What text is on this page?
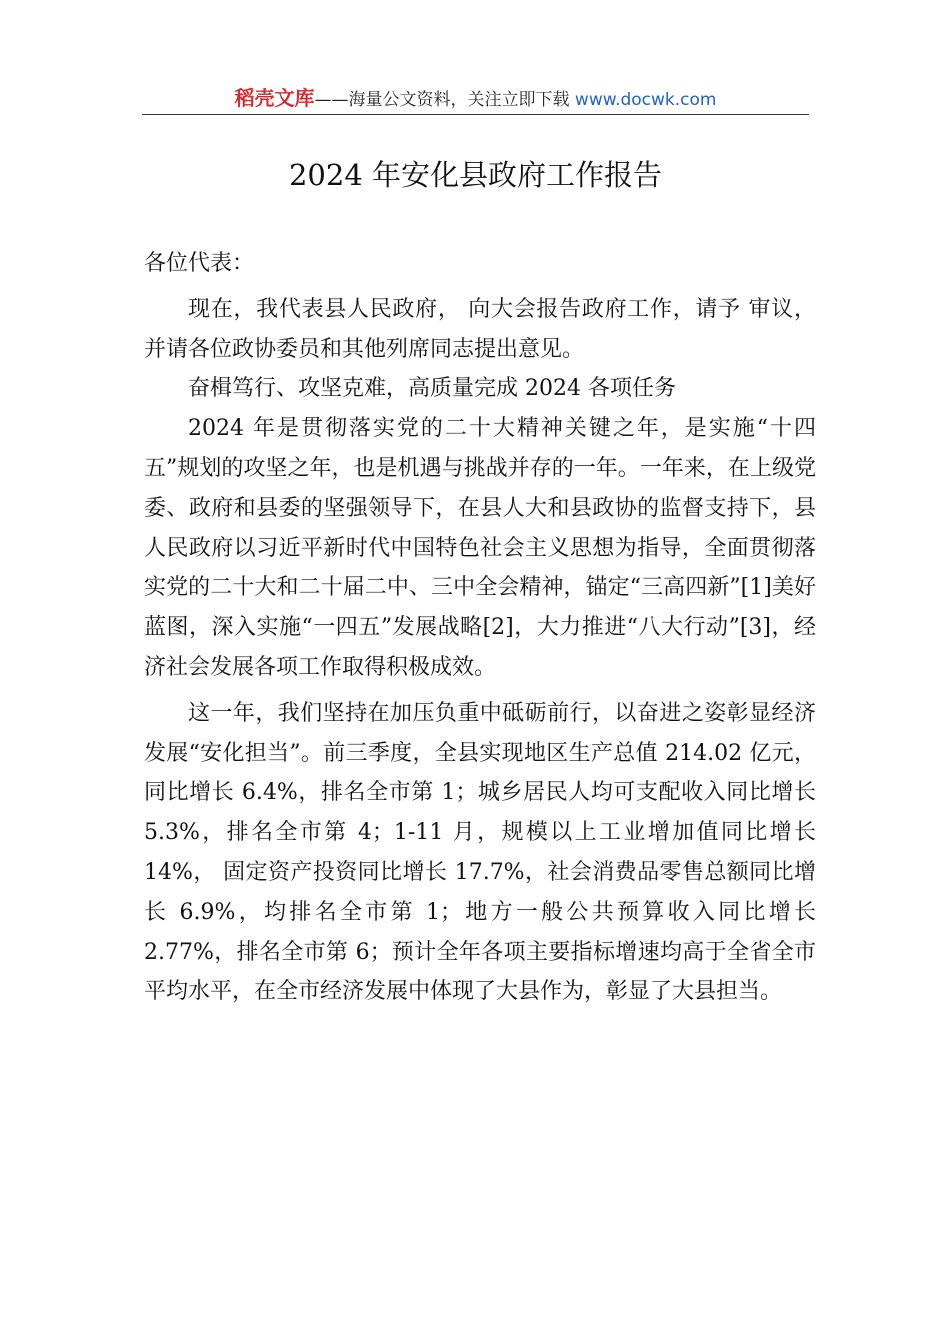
稻壳文库——海量公文资料，关注立即下载 www.docwk.com
2024 年安化县政府工作报告

各位代表：

现在，我代表县人民政府， 向大会报告政府工作，请予 审议，并请各位政协委员和其他列席同志提出意见。

奋楫笃行、攻坚克难，高质量完成 2024 各项任务

2024 年是贯彻落实党的二十大精神关键之年，是实施“十四五”规划的攻坚之年，也是机遇与挑战并存的一年。一年来，在上级党委、政府和县委的坚强领导下，在县人大和县政协的监督支持下，县人民政府以习近平新时代中国特色社会主义思想为指导，全面贯彻落实党的二十大和二十届二中、三中全会精神，锚定“三高四新”[1]美好蓝图，深入实施“一四五”发展战略[2]，大力推进“八大行动”[3]，经 济社会发展各项工作取得积极成效。

这一年，我们坚持在加压负重中砥砺前行，以奋进之姿彰显经济发展“安化担当”。前三季度，全县实现地区生产总值 214.02 亿元，同比增长 6.4%，排名全市第 1；城乡居民人均可支配收入同比增长 5.3%，排名全市第 4；1-11 月，规模以上工业增加值同比增长 14%， 固定资产投资同比增长 17.7%，社会消费品零售总额同比增长 6.9%，均排名全市第 1；地方一般公共预算收入同比增长 2.77%，排名全市第 6；预计全年各项主要指标增速均高于全省全市平均水平，在全市经济发展中体现了大县作为，彰显了大县担当。
